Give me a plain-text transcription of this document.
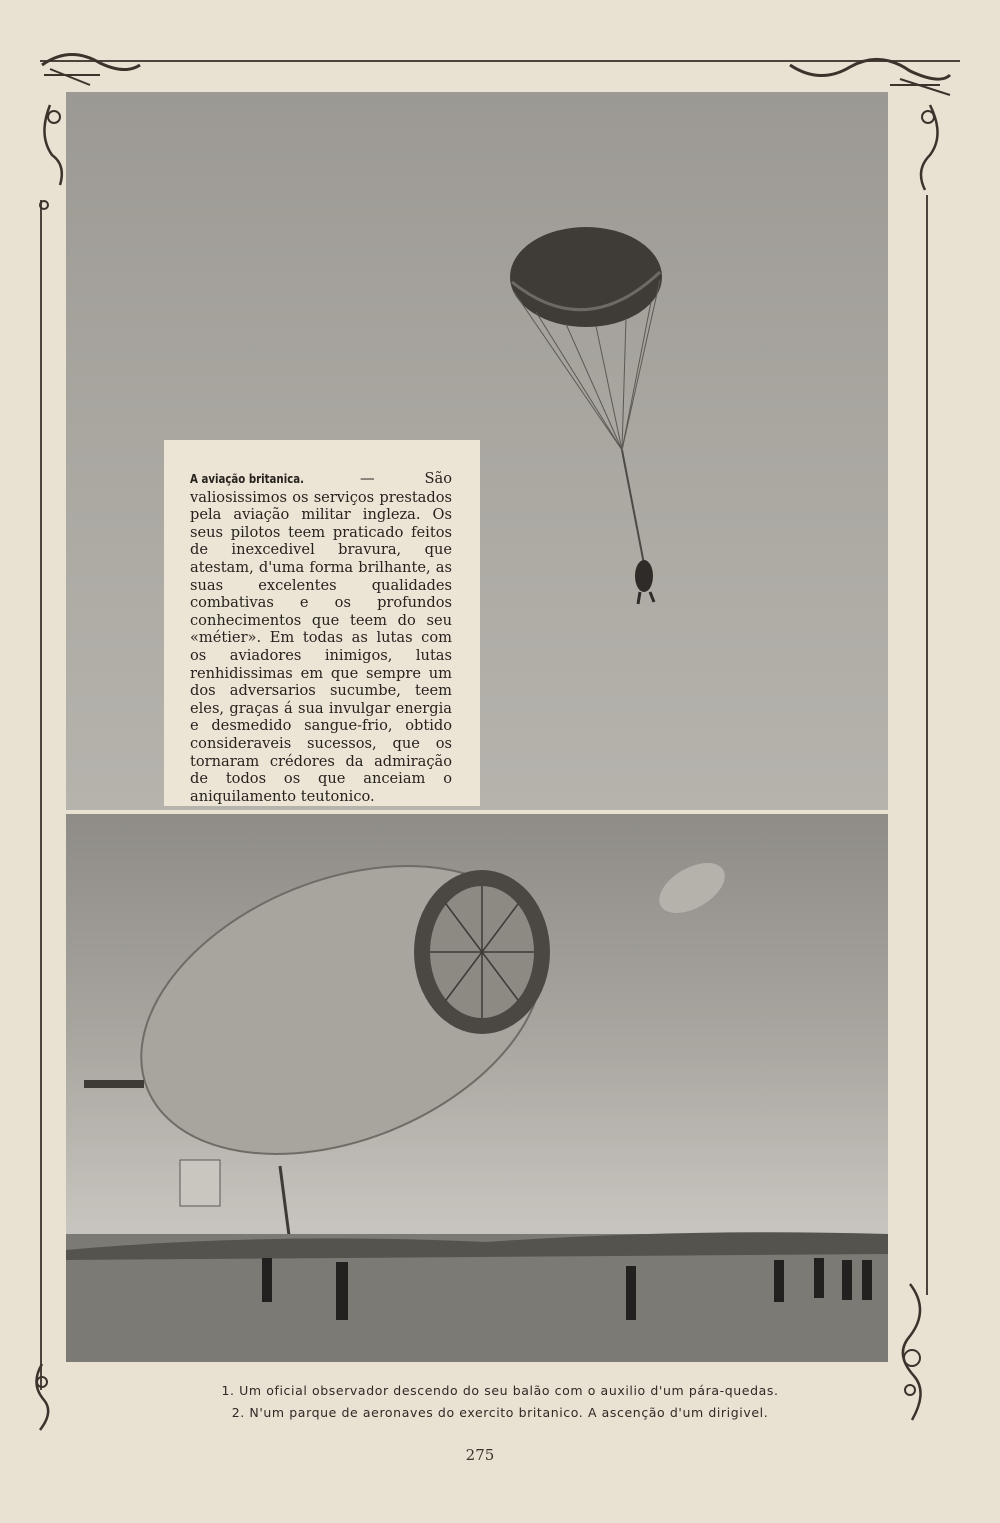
A aviação britanica. — São valiosissimos os serviços prestados pela aviação militar ingleza. Os seus pilotos teem praticado feitos de inexcedivel bravura, que atestam, d'uma forma brilhante, as suas excelentes qualidades combativas e os profundos conhecimentos que teem do seu «métier». Em todas as lutas com os aviadores inimigos, lutas renhidissimas em que sempre um dos adversarios sucumbe, teem eles, graças á sua invulgar energia e desmedido sangue-frio, obtido consideraveis sucessos, que os tornaram crédores da admiração de todos os que anceiam o aniquilamento teutonico.
1. Um oficial observador descendo do seu balão com o auxilio d'um pára-quedas.
2. N'um parque de aeronaves do exercito britanico. A ascenção d'um dirigivel.
275
